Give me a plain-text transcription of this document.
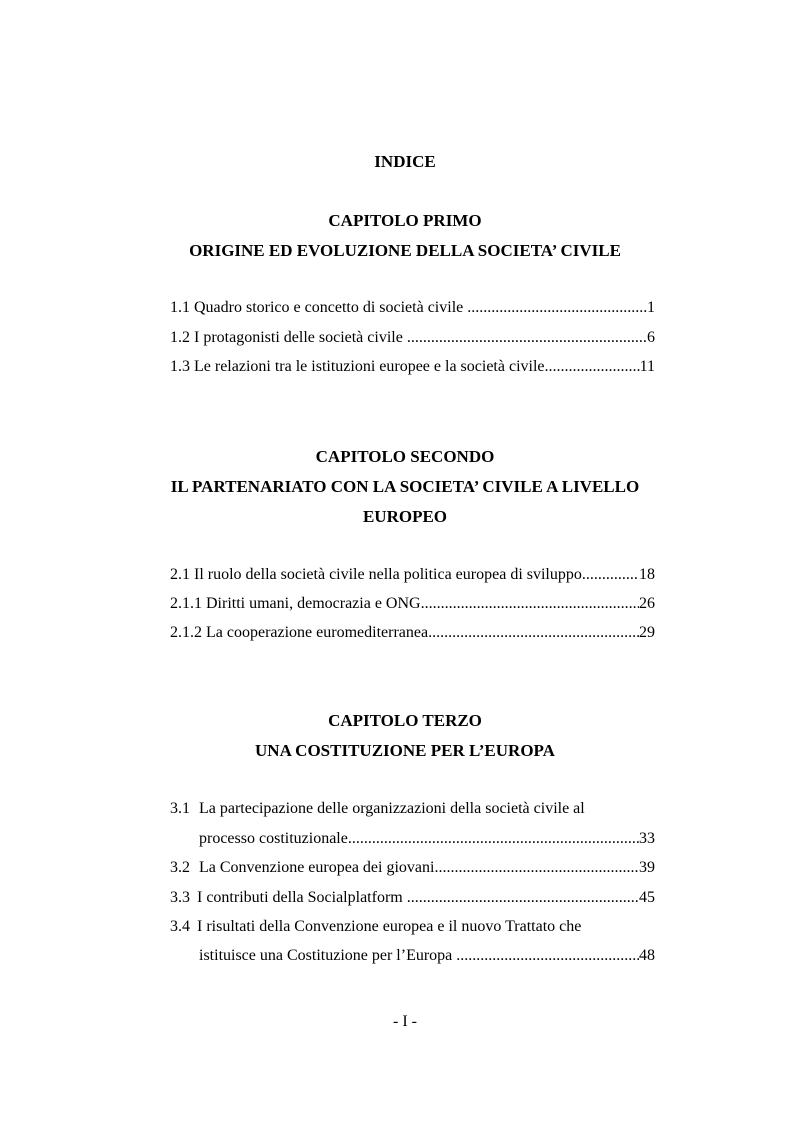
INDICE
CAPITOLO PRIMO
ORIGINE ED EVOLUZIONE DELLA SOCIETA’ CIVILE
1.1 Quadro storico e concetto di società civile .....	1
1.2 I protagonisti delle società civile .....	6
1.3 Le relazioni tra le istituzioni europee e la società civile .....	11
CAPITOLO SECONDO
IL PARTENARIATO CON LA SOCIETA’ CIVILE A LIVELLO
EUROPEO
2.1 Il ruolo della società civile nella politica europea di sviluppo .....	18
2.1.1 Diritti umani, democrazia e ONG .....	26
2.1.2 La cooperazione euromediterranea .....	29
CAPITOLO TERZO
UNA COSTITUZIONE PER L’EUROPA
3.1 La partecipazione delle organizzazioni della società civile al
processo costituzionale .....	33
3.2 La Convenzione europea dei giovani .....	39
3.3 I contributi della Socialplatform .....	45
3.4 I risultati della Convenzione europea e il nuovo Trattato che
istituisce una Costituzione per l’Europa .....	48
- I -
